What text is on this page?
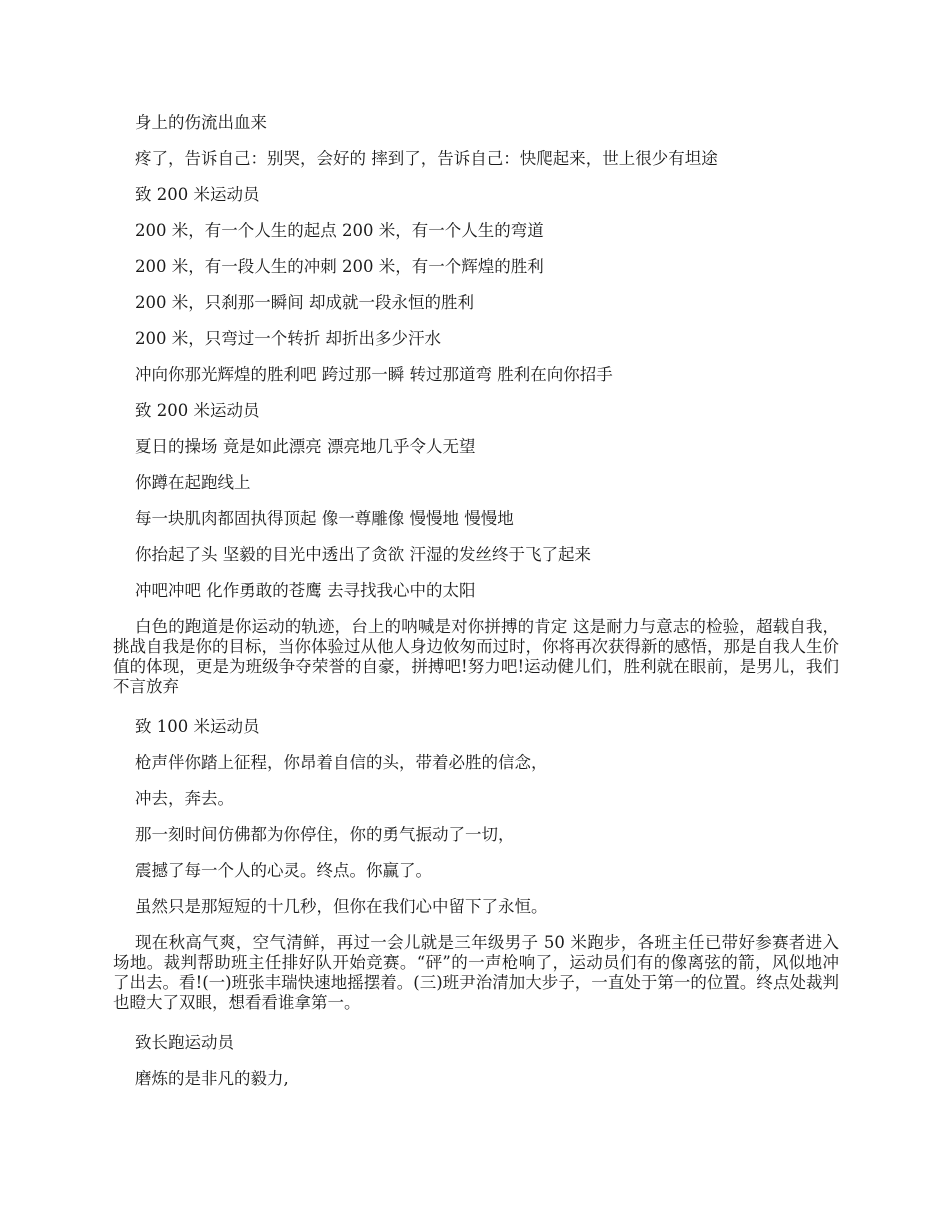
身上的伤流出血来
疼了，告诉自己：别哭，会好的 摔到了，告诉自己：快爬起来，世上很少有坦途
致 200 米运动员
200 米，有一个人生的起点 200 米，有一个人生的弯道
200 米，有一段人生的冲刺 200 米，有一个辉煌的胜利
200 米，只刹那一瞬间 却成就一段永恒的胜利
200 米，只弯过一个转折 却折出多少汗水
冲向你那光辉煌的胜利吧 跨过那一瞬 转过那道弯 胜利在向你招手
致 200 米运动员
夏日的操场 竟是如此漂亮 漂亮地几乎令人无望
你蹲在起跑线上
每一块肌肉都固执得顶起 像一尊雕像 慢慢地 慢慢地
你抬起了头 坚毅的目光中透出了贪欲 汗湿的发丝终于飞了起来
冲吧冲吧 化作勇敢的苍鹰 去寻找我心中的太阳
白色的跑道是你运动的轨迹，台上的呐喊是对你拼搏的肯定 这是耐力与意志的检验，超载自我，挑战自我是你的目标，当你体验过从他人身边攸匆而过时，你将再次获得新的感悟，那是自我人生价值的体现，更是为班级争夺荣誉的自豪，拼搏吧!努力吧!运动健儿们，胜利就在眼前，是男儿，我们不言放弃
致 100 米运动员
枪声伴你踏上征程，你昂着自信的头，带着必胜的信念，
冲去，奔去。
那一刻时间仿佛都为你停住，你的勇气振动了一切，
震撼了每一个人的心灵。终点。你赢了。
虽然只是那短短的十几秒，但你在我们心中留下了永恒。
现在秋高气爽，空气清鲜，再过一会儿就是三年级男子 50 米跑步，各班主任已带好参赛者进入场地。裁判帮助班主任排好队开始竞赛。“砰”的一声枪响了，运动员们有的像离弦的箭，风似地冲了出去。看!(一)班张丰瑞快速地摇摆着。(三)班尹治清加大步子，一直处于第一的位置。终点处裁判也瞪大了双眼，想看看谁拿第一。
致长跑运动员
磨炼的是非凡的毅力,
